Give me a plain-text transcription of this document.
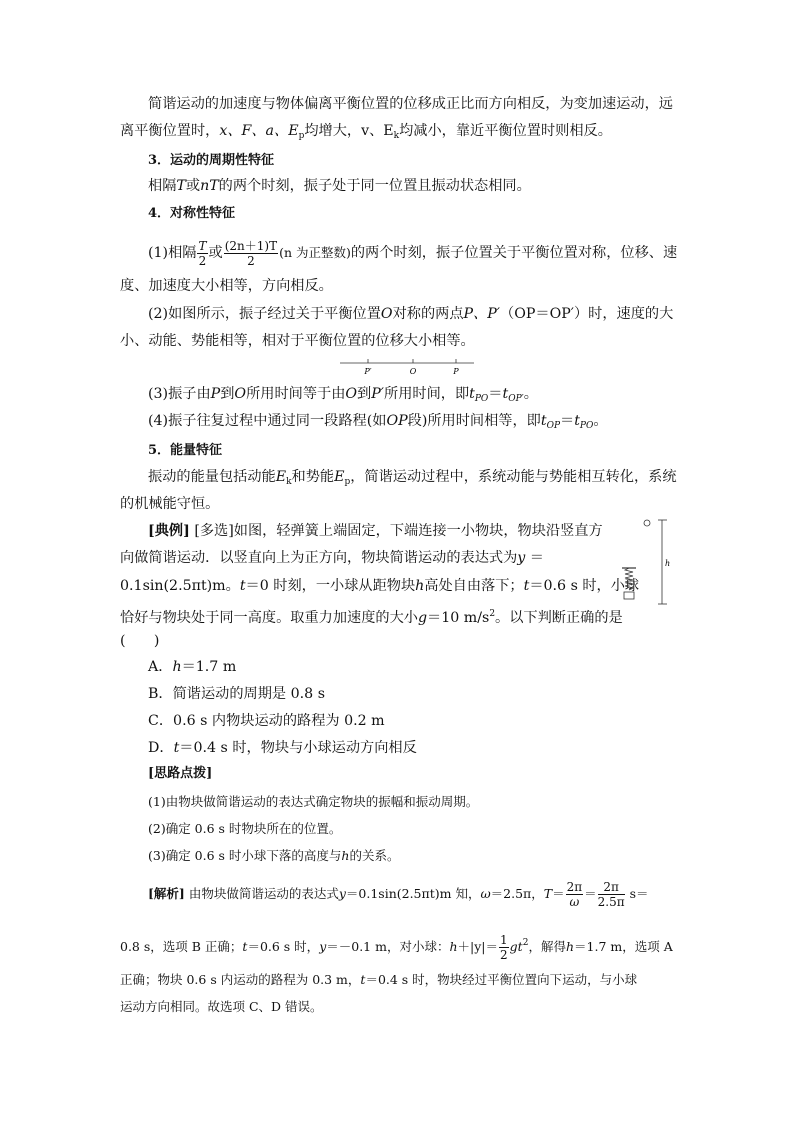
简谐运动的加速度与物体偏离平衡位置的位移成正比而方向相反，为变加速运动，远
离平衡位置时，x、F、a、$E_p$均增大，v、$E_k$均减小，靠近平衡位置时则相反。
3．运动的周期性特征
相隔T或nT的两个时刻，振子处于同一位置且振动状态相同。
4．对称性特征
(1)相隔 $\frac{T}{2}$ 或 $\frac{(2n+1)T}{2} (n$ 为正整数)的两个时刻，振子位置关于平衡位置对称，位移、速
度、加速度大小相等，方向相反。
(2)如图所示，振子经过关于平衡位置O对称的两点P、P′（OP＝OP′）时，速度的大
小、动能、势能相等，相对于平衡位置的位移大小相等。
P′	O	P
(3)振子由P到O所用时间等于由O到P′所用时间，即$t_{PO}=t_{OP'}$。
(4)振子往复过程中通过同一段路程(如OP段)所用时间相等，即$t_{OP}=t_{PO}$。
5．能量特征
振动的能量包括动能$E_k$和势能$E_p$，简谐运动过程中，系统动能与势能相互转化，系统
的机械能守恒。
[典例] [多选]如图，轻弹簧上端固定，下端连接一小物块，物块沿竖直方
向做简谐运动．以竖直向上为正方向，物块简谐运动的表达式为y ＝
0.1sin(2.5πt)m。t＝0 时刻，一小球从距物块h高处自由落下；t＝0.6 s 时，小球
恰好与物块处于同一高度。取重力加速度的大小g＝10 $m/s^2$。以下判断正确的是
(　　)
h
A．h＝1.7 m
B．简谐运动的周期是 0.8 s
C．0.6 s 内物块运动的路程为 0.2 m
D．t＝0.4 s 时，物块与小球运动方向相反
[思路点拨]
(1)由物块做简谐运动的表达式确定物块的振幅和振动周期。
(2)确定 0.6 s 时物块所在的位置。
(3)确定 0.6 s 时小球下落的高度与h的关系。
[解析] 由物块做简谐运动的表达式y＝0.1sin(2.5πt)m 知，ω＝2.5π，$T= \frac{2\pi}{\omega} = \frac{2\pi}{2.5\pi} s=$
0.8 s，选项 B 正确；t＝0.6 s 时，y＝－0.1 m，对小球：$h+|y|= \frac{1}{2} gt^2$，解得h＝1.7 m，选项 A
正确；物块 0.6 s 内运动的路程为 0.3 m，t＝0.4 s 时，物块经过平衡位置向下运动，与小球
运动方向相同。故选项 C、D 错误。
